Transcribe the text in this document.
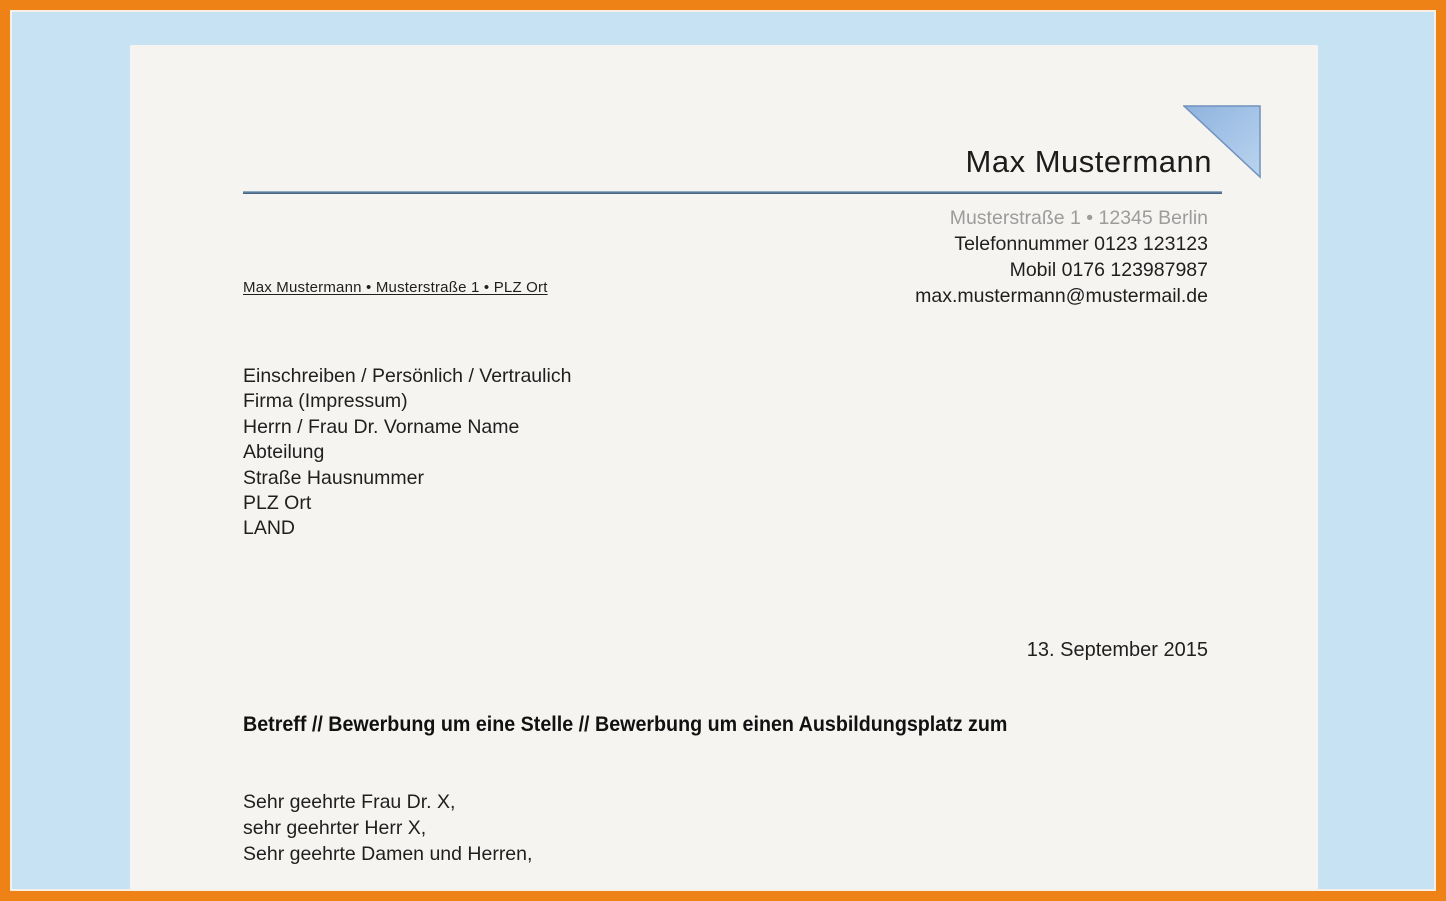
Max Mustermann
Musterstraße 1 • 12345 Berlin
Telefonnummer 0123 123123
Mobil 0176 123987987
max.mustermann@mustermail.de
Max Mustermann • Musterstraße 1 • PLZ Ort
Einschreiben / Persönlich / Vertraulich
Firma (Impressum)
Herrn / Frau Dr. Vorname Name
Abteilung
Straße Hausnummer
PLZ Ort
LAND
13. September 2015
Betreff // Bewerbung um eine Stelle // Bewerbung um einen Ausbildungsplatz zum
Sehr geehrte Frau Dr. X,
sehr geehrter Herr X,
Sehr geehrte Damen und Herren,
